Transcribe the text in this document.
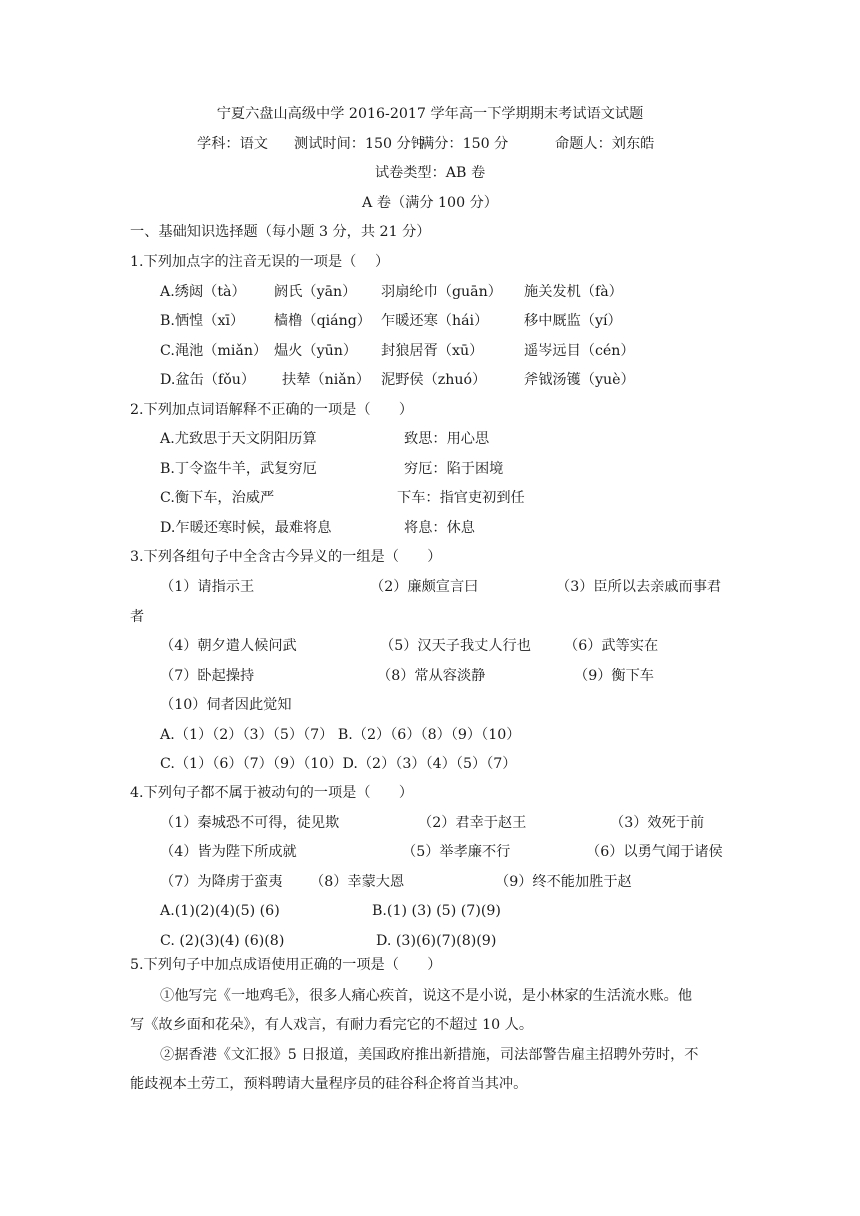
宁夏六盘山高级中学 2016-2017 学年高一下学期期末考试语文试题
学科：语文 测试时间：150 分钟
满分：150 分	命题人：刘东皓
试卷类型：AB 卷
A 卷（满分 100 分）
一、基础知识选择题（每小题 3 分，共 21 分）
1.下列加点字的注音无误的一项是（　 ）
A.绣闼（tà） 阏氏（yān） 羽扇纶巾（guān） 施关发机（fà）
B.恓惶（xī） 樯橹（qiáng） 乍暖还寒（hái）	移中厩监（yí）
C.渑池（miǎn） 煴火（yūn） 封狼居胥（xū）	遥岑远目（cén）
D.盆缶（fǒu） 扶辇（niǎn） 泥野侯（zhuó）	斧钺汤镬（yuè）
2.下列加点词语解释不正确的一项是（　　）
A.尤致思于天文阴阳历算	致思：用心思
B.丁令盗牛羊，武复穷厄	穷厄：陷于困境
C.衡下车，治威严	下车：指官吏初到任
D.乍暖还寒时候，最难将息	将息：休息
3.下列各组句子中全含古今异义的一组是（　　）
（1）请指示王	（2）廉颇宣言曰	（3）臣所以去亲戚而事君
者
（4）朝夕遣人候问武	（5）汉天子我丈人行也 （6）武等实在
（7）卧起操持	（8）常从容淡静	（9）衡下车
（10）伺者因此觉知
A.（1）（2）（3）（5）（7） B.（2）（6）（8）（9）（10）
C.（1）（6）（7）（9）（10）D.（2）（3）（4）（5）（7）
4.下列句子都不属于被动句的一项是（　　）
（1）秦城恐不可得，徒见欺	（2）君幸于赵王	（3）效死于前
（4）皆为陛下所成就	（5）举孝廉不行	（6）以勇气闻于诸侯
（7）为降虏于蛮夷 （8）幸蒙大恩	（9）终不能加胜于赵
A.(1)(2)(4)(5) (6)	B.(1) (3) (5) (7)(9)
C. (2)(3)(4) (6)(8)	D. (3)(6)(7)(8)(9)
5.下列句子中加点成语使用正确的一项是（　　）
①他写完《一地鸡毛》，很多人痛心疾首，说这不是小说，是小林家的生活流水账。他
写《故乡面和花朵》，有人戏言，有耐力看完它的不超过 10 人。
②据香港《文汇报》5 日报道，美国政府推出新措施，司法部警告雇主招聘外劳时，不
能歧视本土劳工，预料聘请大量程序员的硅谷科企将首当其冲。
